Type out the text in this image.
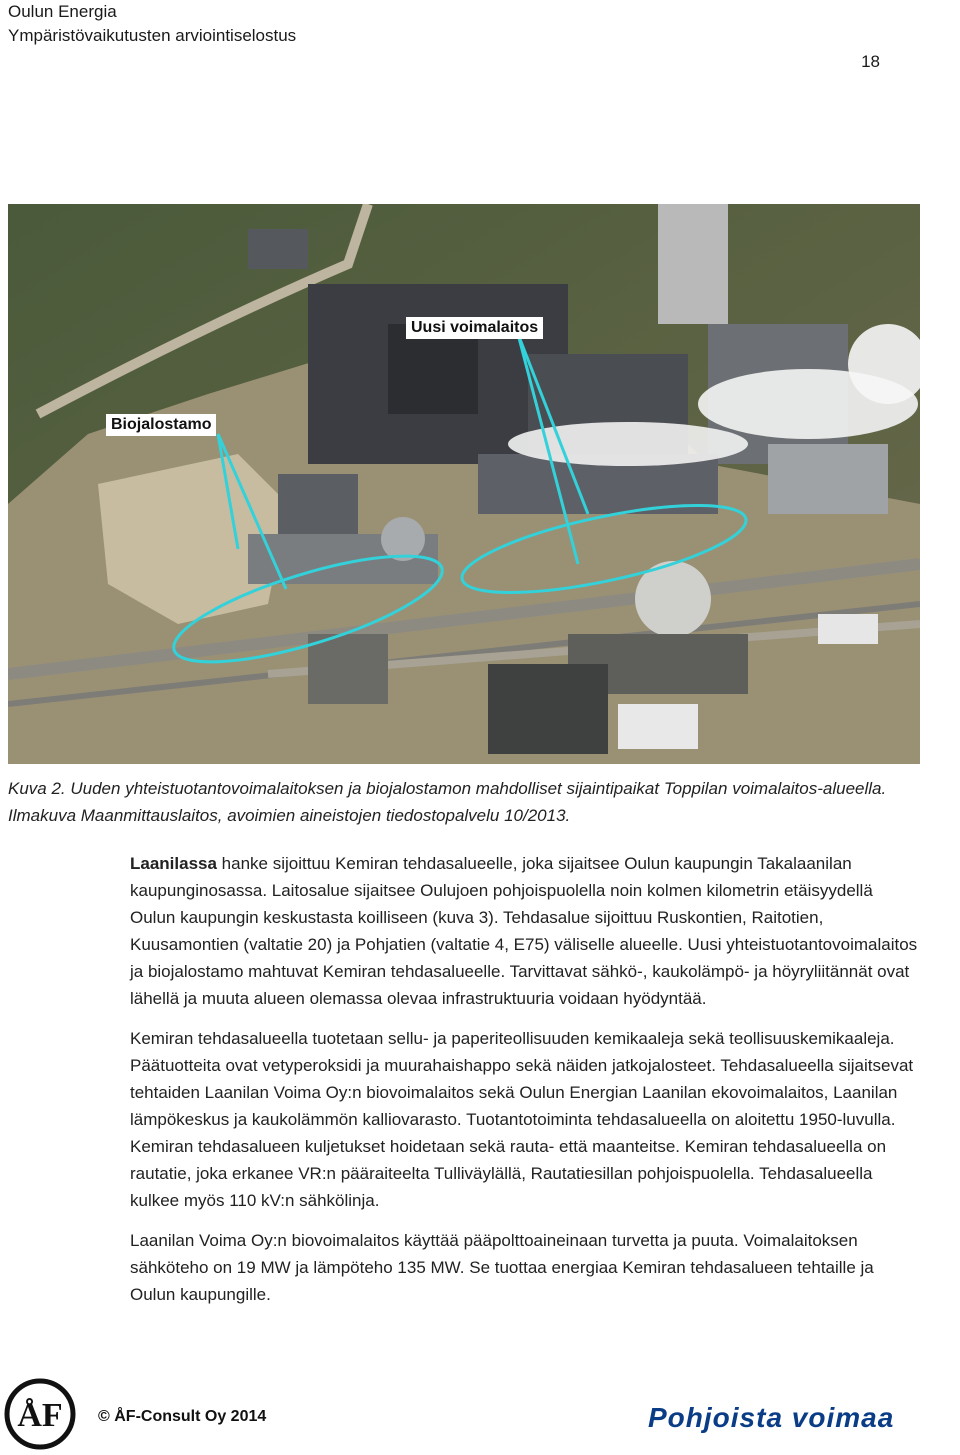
Oulun Energia
Ympäristövaikutusten arviointiselostus
18
Uusi voimalaitos
Biojalostamo
Kuva 2. Uuden yhteistuotantovoimalaitoksen ja biojalostamon mahdolliset sijaintipaikat Toppilan voimalaitos-alueella. Ilmakuva Maanmittauslaitos, avoimien aineistojen tiedostopalvelu 10/2013.

Laanilassa hanke sijoittuu Kemiran tehdasalueelle, joka sijaitsee Oulun kaupungin Takalaanilan kaupunginosassa. Laitosalue sijaitsee Oulujoen pohjoispuolella noin kolmen kilometrin etäisyydellä Oulun kaupungin keskustasta koilliseen (kuva 3). Tehdasalue sijoittuu Ruskontien, Raitotien, Kuusamontien (valtatie 20) ja Pohjatien (valtatie 4, E75) väliselle alueelle. Uusi yhteistuotantovoimalaitos ja biojalostamo mahtuvat Kemiran tehdasalueelle. Tarvittavat sähkö-, kaukolämpö- ja höyryliitännät ovat lähellä ja muuta alueen olemassa olevaa infrastruktuuria voidaan hyödyntää.

Kemiran tehdasalueella tuotetaan sellu- ja paperiteollisuuden kemikaaleja sekä teollisuuskemikaaleja. Päätuotteita ovat vetyperoksidi ja muurahaishappo sekä näiden jatkojalosteet. Tehdasalueella sijaitsevat tehtaiden Laanilan Voima Oy:n biovoimalaitos sekä Oulun Energian Laanilan ekovoimalaitos, Laanilan lämpökeskus ja kaukolämmön kalliovarasto. Tuotantotoiminta tehdasalueella on aloitettu 1950-luvulla. Kemiran tehdasalueen kuljetukset hoidetaan sekä rauta- että maanteitse. Kemiran tehdasalueella on rautatie, joka erkanee VR:n pääraiteelta Tulliväylällä, Rautatiesillan pohjoispuolella. Tehdasalueella kulkee myös 110 kV:n sähkölinja.

Laanilan Voima Oy:n biovoimalaitos käyttää pääpolttoaineinaan turvetta ja puuta. Voimalaitoksen sähköteho on 19 MW ja lämpöteho 135 MW. Se tuottaa energiaa Kemiran tehdasalueen tehtaille ja Oulun kaupungille.

ÅF © ÅF-Consult Oy 2014	Pohjoista voimaa
